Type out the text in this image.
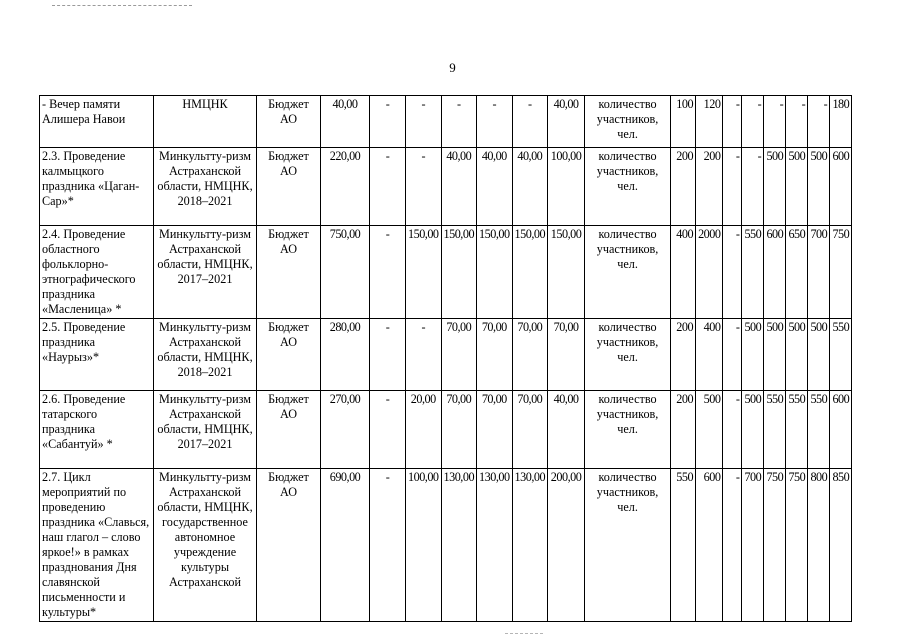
9
- Вечер памяти Алишера Навои	НМЦНК	Бюджет АО	40,00	-	-	-	-	-	40,00	количество участников, чел.	100	120	-	-	-	-	-	180
2.3. Проведение калмыцкого праздника «Цаган-Сар»*	Минкультту-ризм Астраханской области, НМЦНК, 2018–2021	Бюджет АО	220,00	-	-	40,00	40,00	40,00	100,00	количество участников, чел.	200	200	-	-	500	500	500	600
2.4. Проведение областного фольклорно-этнографического праздника «Масленица» *	Минкультту-ризм Астраханской области, НМЦНК, 2017–2021	Бюджет АО	750,00	-	150,00	150,00	150,00	150,00	150,00	количество участников, чел.	400	2000	-	550	600	650	700	750
2.5. Проведение праздника «Наурыз»*	Минкультту-ризм Астраханской области, НМЦНК, 2018–2021	Бюджет АО	280,00	-	-	70,00	70,00	70,00	70,00	количество участников, чел.	200	400	-	500	500	500	500	550
2.6. Проведение татарского праздника «Сабантуй» *	Минкультту-ризм Астраханской области, НМЦНК, 2017–2021	Бюджет АО	270,00	-	20,00	70,00	70,00	70,00	40,00	количество участников, чел.	200	500	-	500	550	550	550	600
2.7. Цикл мероприятий по проведению праздника «Славься, наш глагол – слово яркое!» в рамках празднования Дня славянской письменности и культуры*	Минкультту-ризм Астраханской области, НМЦНК, государственное автономное учреждение культуры Астраханской	Бюджет АО	690,00	-	100,00	130,00	130,00	130,00	200,00	количество участников, чел.	550	600	-	700	750	750	800	850
